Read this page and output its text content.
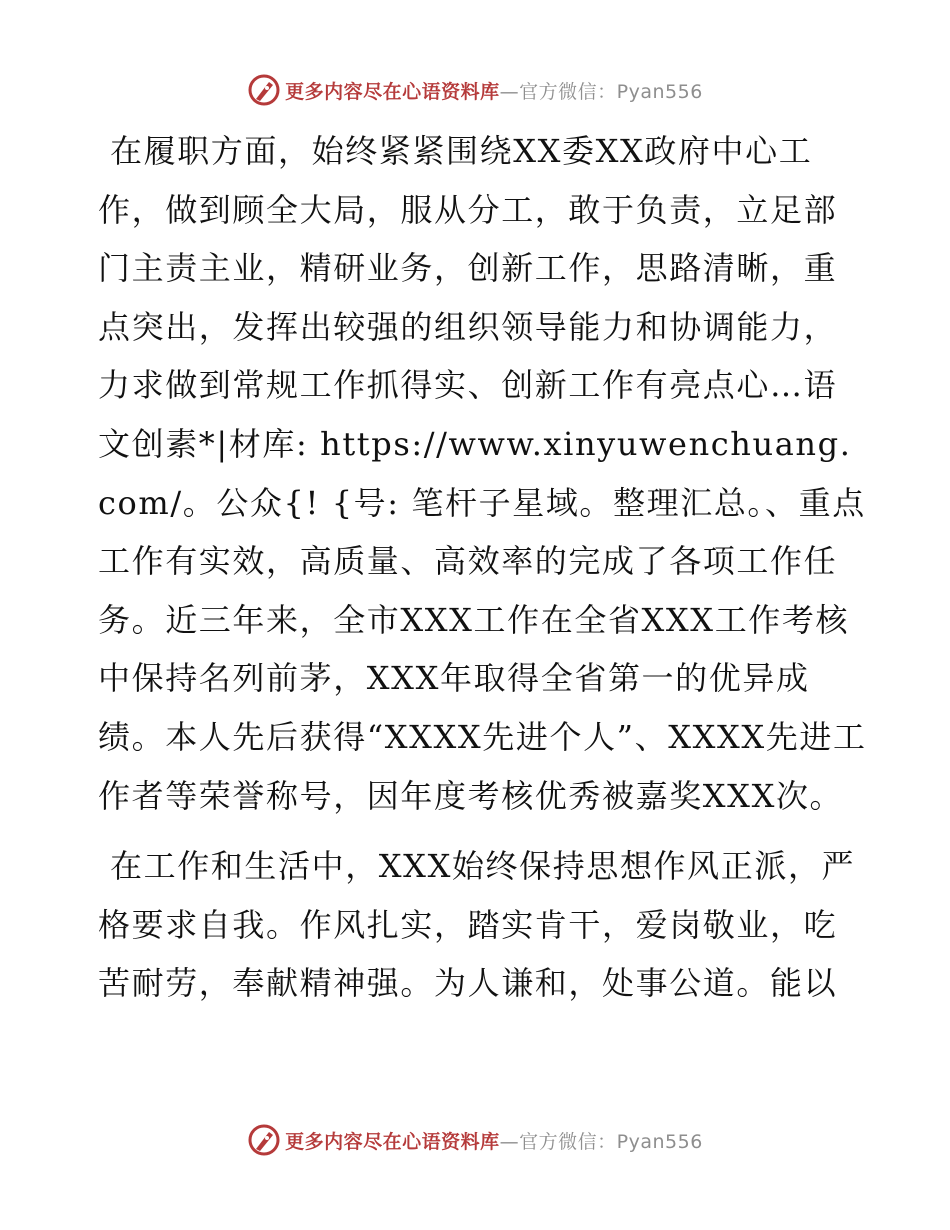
更多内容尽在心语资料库—官方微信：Pyan556

在履职方面，始终紧紧围绕XX委XX政府中心工作，做到顾全大局，服从分工，敢于负责，立足部门主责主业，精研业务，创新工作，思路清晰，重点突出，发挥出较强的组织领导能力和协调能力，力求做到常规工作抓得实、创新工作有亮点心…语文创素*|材库: https://www.xinyuwenchuang.com/。公众{! {号: 笔杆子星域。整理汇总。、重点工作有实效，高质量、高效率的完成了各项工作任务。近三年来，全市XXX工作在全省XXX工作考核中保持名列前茅，XXX年取得全省第一的优异成绩。本人先后获得“XXXX先进个人”、XXXX先进工作者等荣誉称号，因年度考核优秀被嘉奖XXX次。

在工作和生活中，XXX始终保持思想作风正派，严格要求自我。作风扎实，踏实肯干，爱岗敬业，吃苦耐劳，奉献精神强。为人谦和，处事公道。能以

更多内容尽在心语资料库—官方微信：Pyan556
